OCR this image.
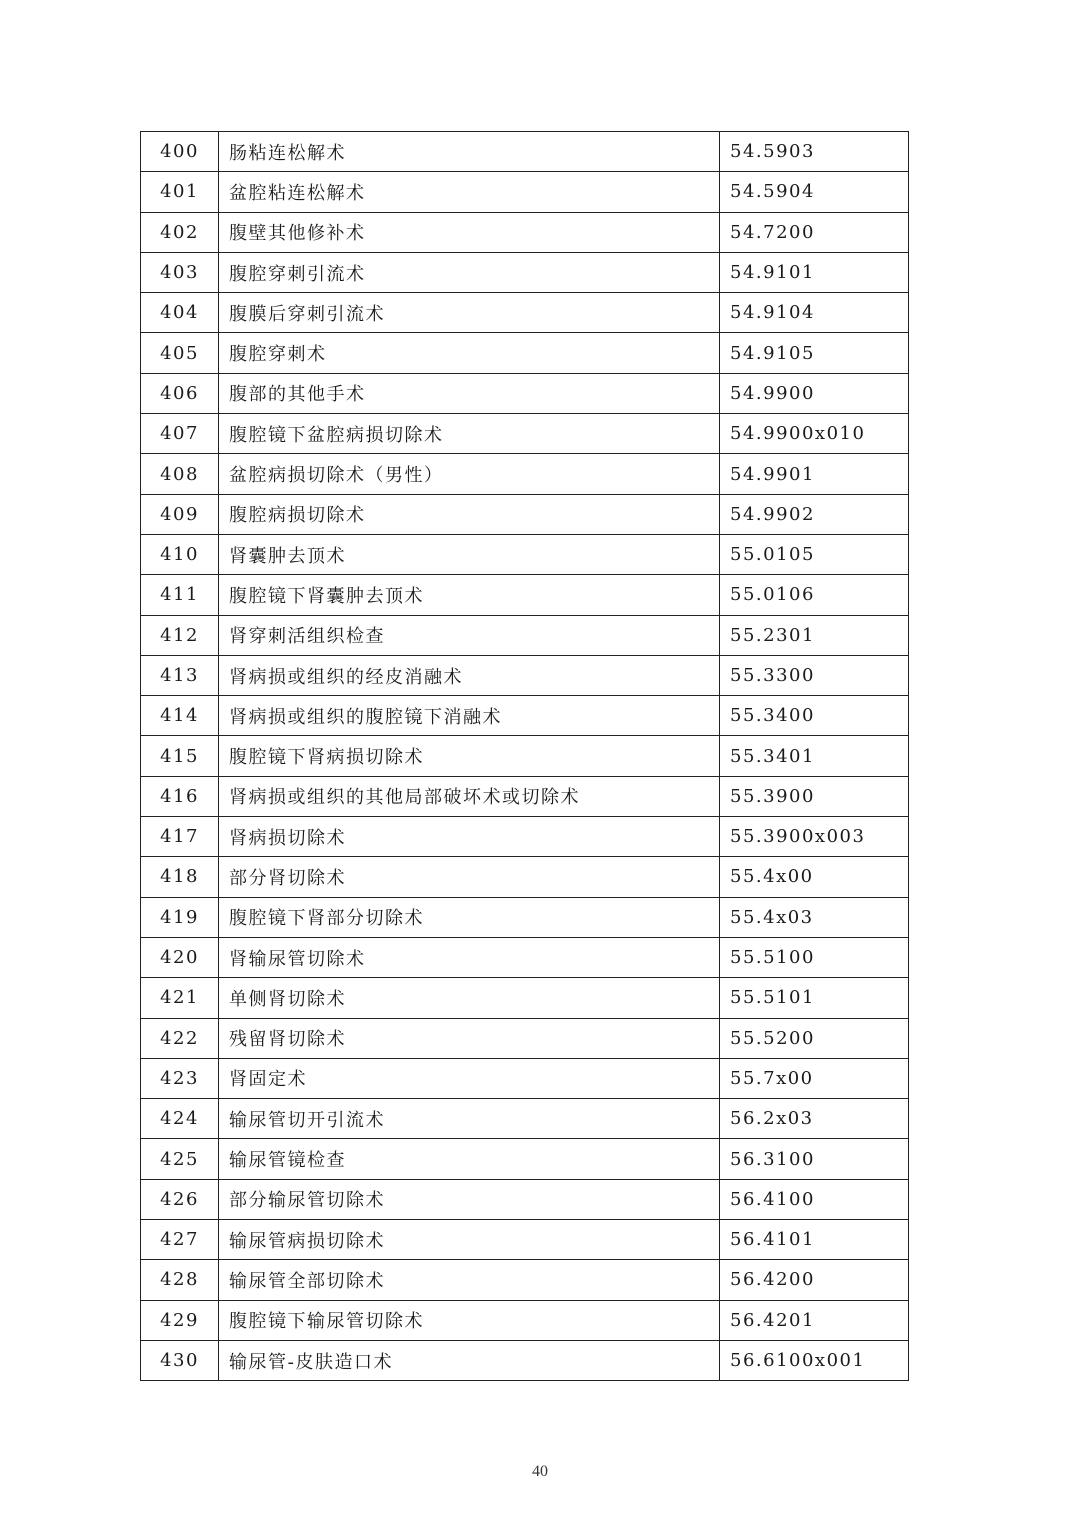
400	肠粘连松解术	54.5903
401	盆腔粘连松解术	54.5904
402	腹壁其他修补术	54.7200
403	腹腔穿刺引流术	54.9101
404	腹膜后穿刺引流术	54.9104
405	腹腔穿刺术	54.9105
406	腹部的其他手术	54.9900
407	腹腔镜下盆腔病损切除术	54.9900x010
408	盆腔病损切除术（男性）	54.9901
409	腹腔病损切除术	54.9902
410	肾囊肿去顶术	55.0105
411	腹腔镜下肾囊肿去顶术	55.0106
412	肾穿刺活组织检查	55.2301
413	肾病损或组织的经皮消融术	55.3300
414	肾病损或组织的腹腔镜下消融术	55.3400
415	腹腔镜下肾病损切除术	55.3401
416	肾病损或组织的其他局部破坏术或切除术	55.3900
417	肾病损切除术	55.3900x003
418	部分肾切除术	55.4x00
419	腹腔镜下肾部分切除术	55.4x03
420	肾输尿管切除术	55.5100
421	单侧肾切除术	55.5101
422	残留肾切除术	55.5200
423	肾固定术	55.7x00
424	输尿管切开引流术	56.2x03
425	输尿管镜检查	56.3100
426	部分输尿管切除术	56.4100
427	输尿管病损切除术	56.4101
428	输尿管全部切除术	56.4200
429	腹腔镜下输尿管切除术	56.4201
430	输尿管-皮肤造口术	56.6100x001
40
